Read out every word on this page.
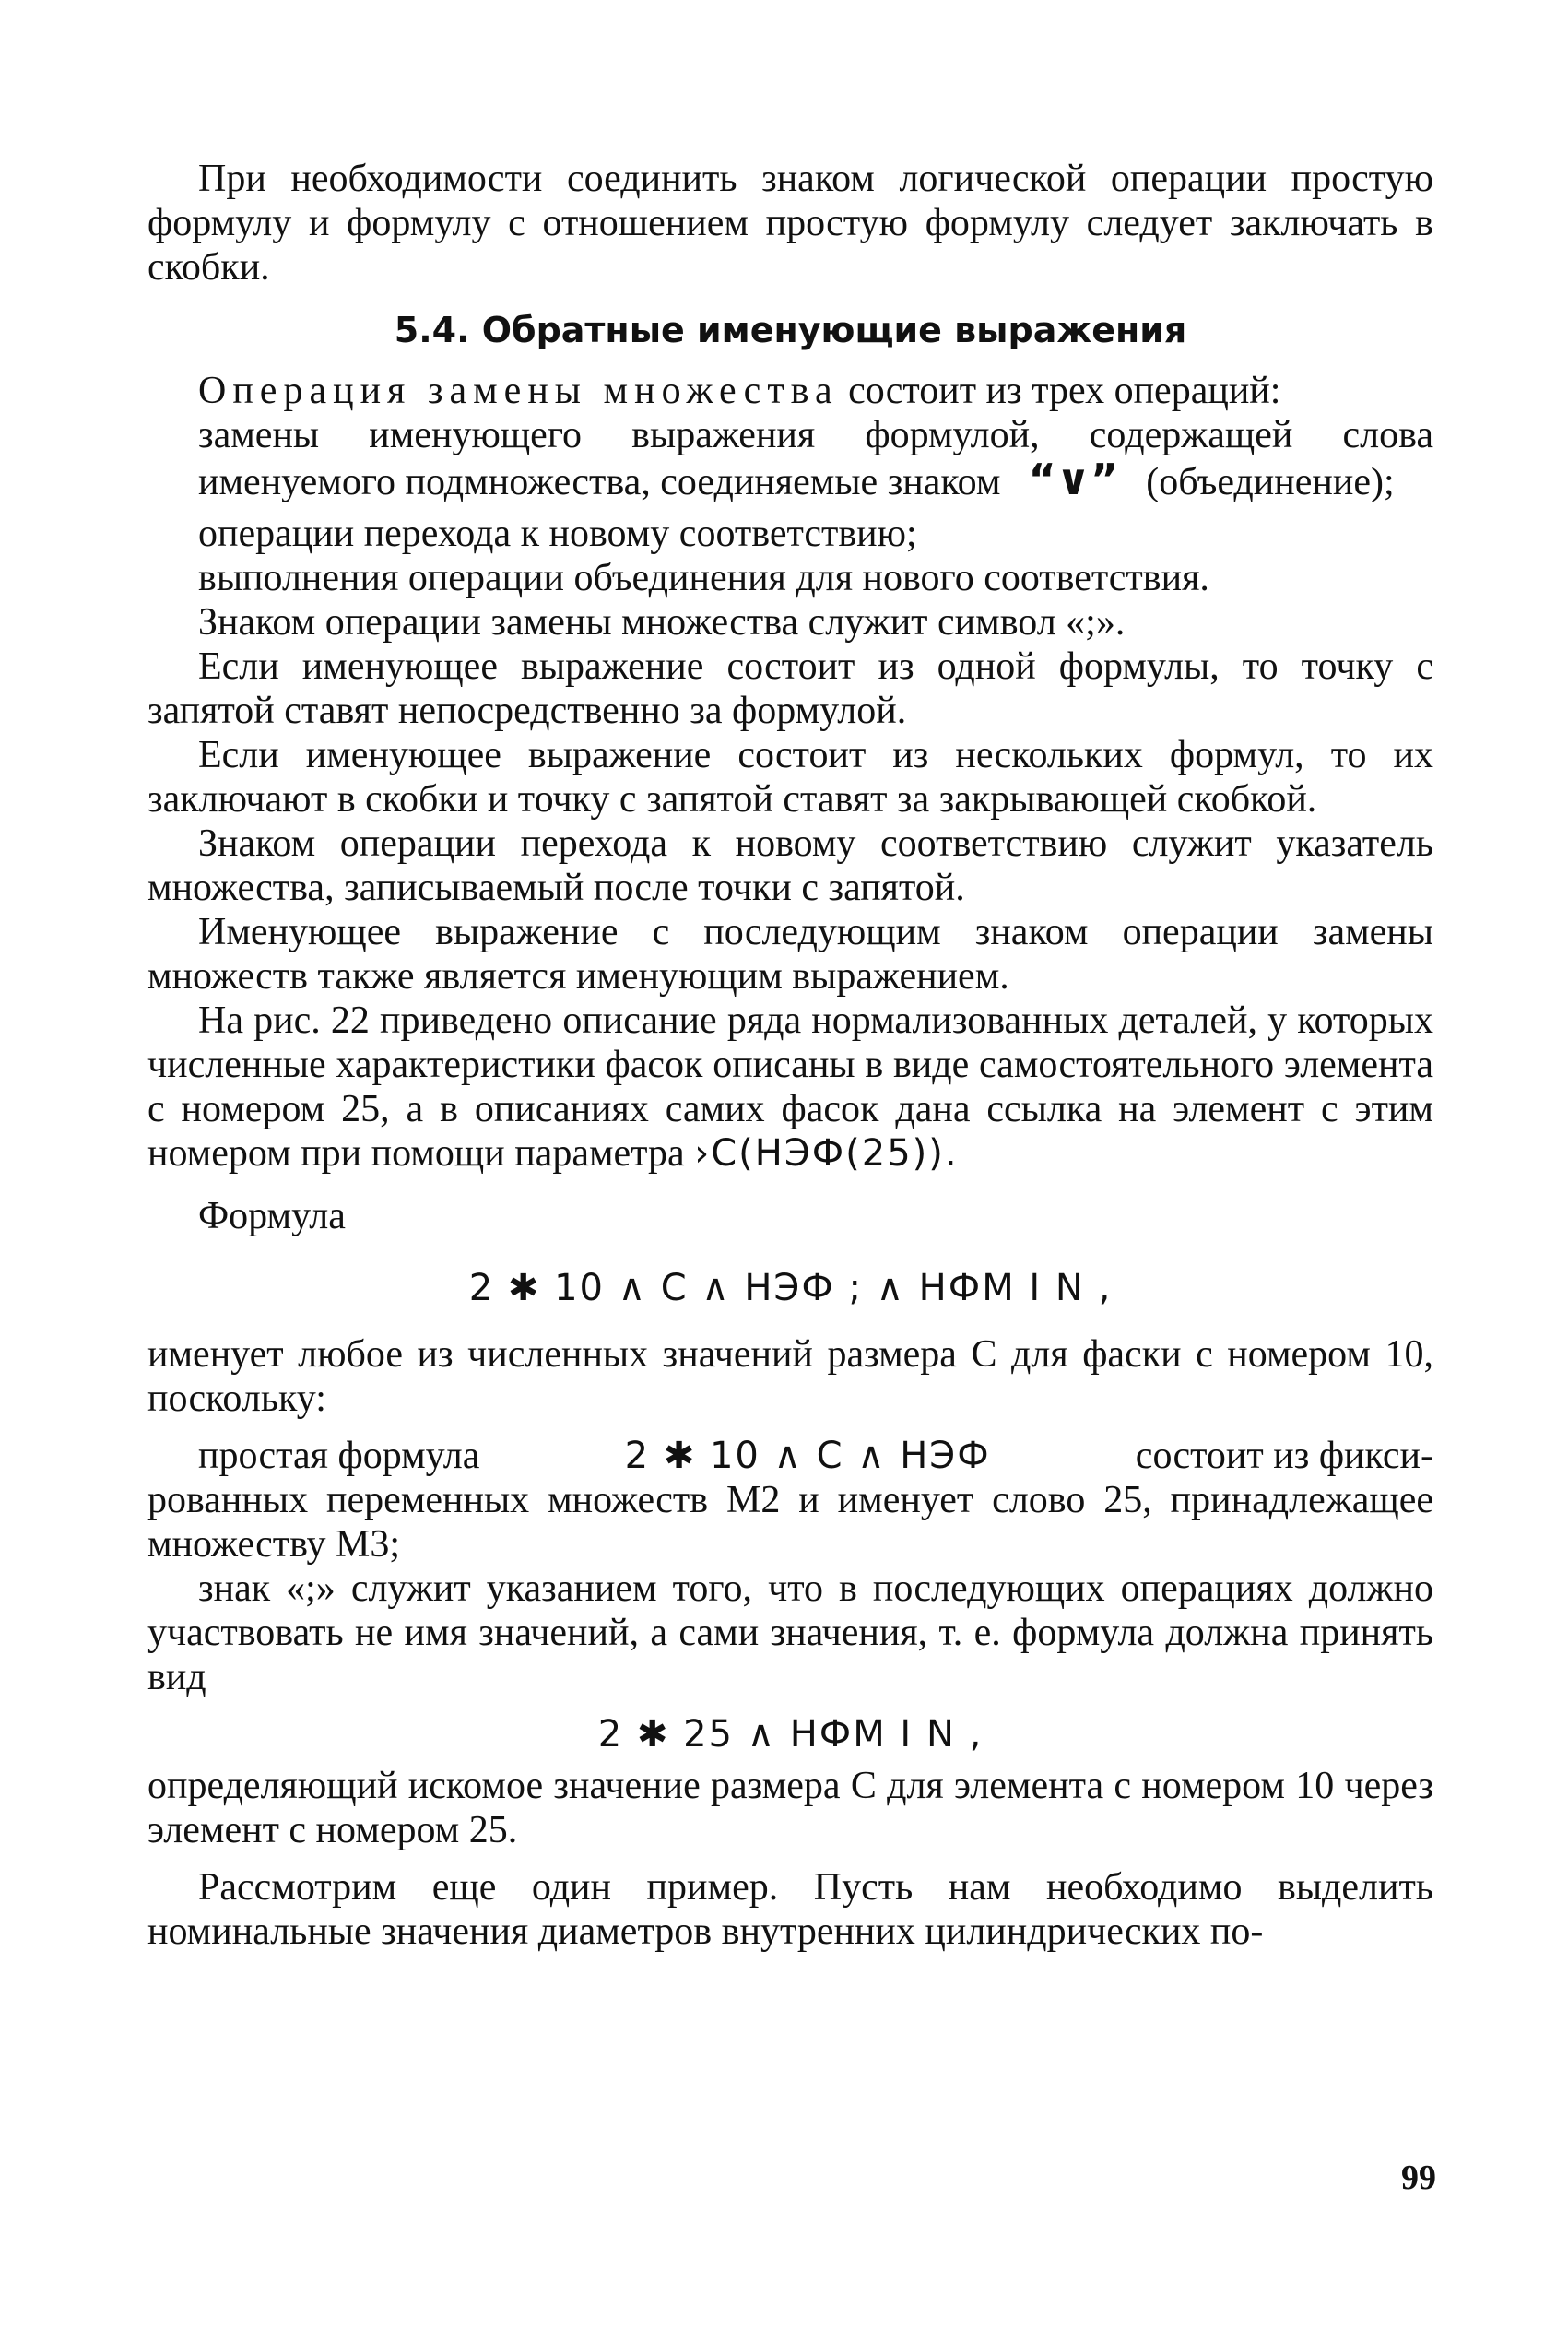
При необходимости соединить знаком логической операции простую формулу и формулу с отношением простую формулу следует заключать в скобки.

5.4. Обратные именующие выражения

Операция замены множества состоит из трех операций:

замены именующего выражения формулой, содержащей слова именуемого подмножества, соединяемые знаком “∨” (объединение);

операции перехода к новому соответствию;

выполнения операции объединения для нового соответствия.

Знаком операции замены множества служит символ «;».

Если именующее выражение состоит из одной формулы, то точку с запятой ставят непосредственно за формулой.

Если именующее выражение состоит из нескольких формул, то их заключают в скобки и точку с запятой ставят за закрывающей скобкой.

Знаком операции перехода к новому соответствию служит указатель множества, записываемый после точки с запятой.

Именующее выражение с последующим знаком операции замены множеств также является именующим выражением.

На рис. 22 приведено описание ряда нормализованных деталей, у которых численные характеристики фасок описаны в виде самостоятельного элемента с номером 25, а в описаниях самих фасок дана ссылка на элемент с этим номером при помощи параметра ›С(НЭФ(25)).

Формула

2 ✱ 10 ∧ С ∧ НЭФ ; ∧ НФМ I N ,

именует любое из численных значений размера С для фаски с номером 10, поскольку:

простая формула	2 ✱ 10 ∧ С ∧ НЭФ	состоит из фикси-

рованных переменных множеств М2 и именует слово 25, принадлежащее множеству М3;

знак «;» служит указанием того, что в последующих операциях должно участвовать не имя значений, а сами значения, т. е. формула должна принять вид

2 ✱ 25 ∧ НФМ I N ,

определяющий искомое значение размера С для элемента с номером 10 через элемент с номером 25.

Рассмотрим еще один пример. Пусть нам необходимо выделить номинальные значения диаметров внутренних цилиндрических по-

99
